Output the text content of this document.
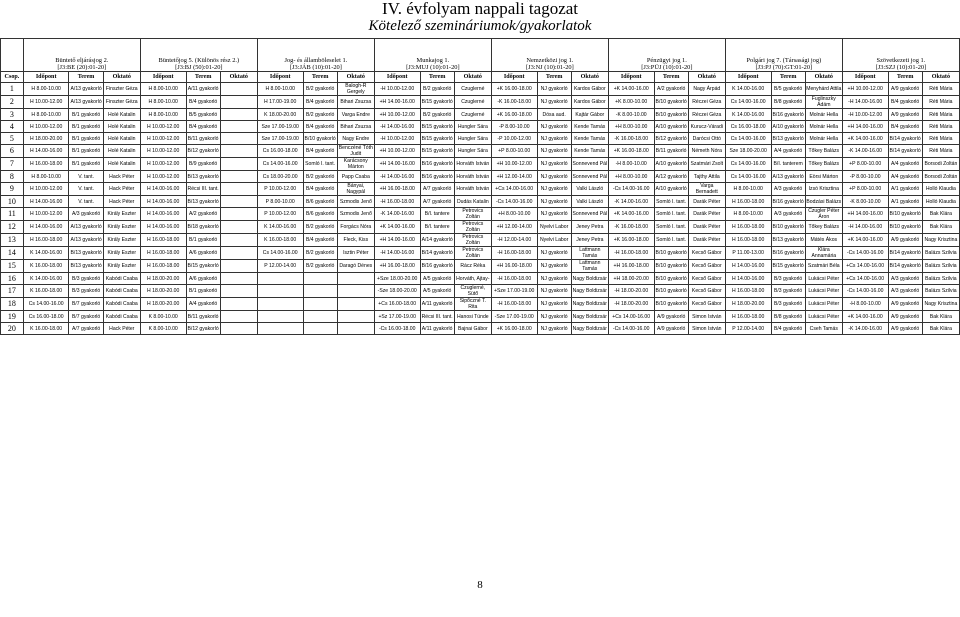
IV. évfolyam nappali tagozat
Kötelező szemináriumok/gyakorlatok
	Büntető eljárásjog 2.
[J3:BE (20):01-20]			Büntetőjog 5. (Különös rész 2.)
[J3:BJ (50):01-20]			Jog- és államböleselet 1.
[J3:JÁB (10):01-20]			Munkajog 1.
[J3:MUJ (10):01-20]			Nemzetközi jog 1.
[J3:NJ (10):01-20]			Pénzügyi jog 1.
[J3:PÜJ (10):01-20]			Polgári jog 7. (Társasági jog)
[J3:PJ (70):GT:01-20]			Szövetkezeti jog 1.
[J3:SZJ (10):01-20]		

Csop.	Időpont	Terem	Oktató	Időpont	Terem	Oktató	Időpont	Terem	Oktató	Időpont	Terem	Oktató	Időpont	Terem	Oktató	Időpont	Terem	Oktató	Időpont	Terem	Oktató	Időpont	Terem	Oktató
1	H 8.00-10.00	A/13 gyakorló	Finszter Géza	H 8.00-10.00	A/11 gyakorló		H 8.00-10.00	B/2 gyakorló	Balogh-R Gergely	-H 10.00-12.00	B/2 gyakorló	Czuglerné	+K 16.00-18.00	NJ gyakorló	Kardos Gábor	+K 14.00-16.00	A/2 gyakorló	Nagy Árpád	K 14.00-16.00	B/5 gyakorló	Menyhárd Attila	+H 10.00-12.00	A/9 gyakorló	Réti Mária

2	H 10.00-12.00	A/13 gyakorló	Finszter Géza	H 8.00-10.00	B/4 gyakorló		H 17.00-19.00	B/4 gyakorló	Bihari Zsuzsa	+H 14.00-16.00	B/15 gyakorló	Czuglerné	-K 16.00-18.00	NJ gyakorló	Kardos Gábor	+K 8.00-10.00	B/10 gyakorló	Réczei Géza	Cs 14.00-16.00	B/8 gyakorló	Fuglinszky Ádám	-H 14.00-16.00	B/4 gyakorló	Réti Mária

3	H 8.00-10.00	B/1 gyakorló	Holé Katalin	H 8.00-10.00	B/5 gyakorló		K 18.00-20.00	B/2 gyakorló	Varga Endre	+H 10.00-12.00	B/2 gyakorló	Czuglerné	+K 16.00-18.00	Dósa aud.	Kajtár Gábor	-K 8.00-10.00	B/10 gyakorló	Réczei Géza	K 14.00-16.00	B/16 gyakorló	Molnár Hella	-H 10.00-12.00	A/9 gyakorló	Réti Mária

4	H 10.00-12.00	B/1 gyakorló	Holé Katalin	H 10.00-12.00	B/4 gyakorló		Sze 17.00-19.00	B/4 gyakorló	Bihari Zsuzsa	-H 14.00-16.00	B/15 gyakorló	Hungler Sára	-P 8.00-10.00	NJ gyakorló	Kende Tamás	+H 8.00-10.00	A/10 gyakorló	Kurucz-Váradi	Cs 16.00-18.00	A/10 gyakorló	Molnár Hella	+H 14.00-16.00	B/4 gyakorló	Réti Mária

5	H 18.00-20.00	B/1 gyakorló	Holé Katalin	H 10.00-12.00	B/11 gyakorló		Sze 17.00-19.00	B/10 gyakorló	Nagy Endre	-H 10.00-12.00	B/15 gyakorló	Hungler Sára	-P 10.00-12.00	NJ gyakorló	Kende Tamás	-K 16.00-18.00	B/12 gyakorló	Darócsi Ottó	Cs 14.00-16.00	B/13 gyakorló	Molnár Hella	+K 14.00-16.00	B/14 gyakorló	Réti Mária

6	H 14.00-16.00	B/1 gyakorló	Holé Katalin	H 10.00-12.00	B/12 gyakorló		Cs 16.00-18.00	B/4 gyakorló	Benczéné Tóth Judit	+H 10.00-12.00	B/15 gyakorló	Hungler Sára	+P 8.00-10.00	NJ gyakorló	Kende Tamás	+K 16.00-18.00	B/11 gyakorló	Németh Nóra	Sze 18.00-20.00	A/4 gyakorló	Tőkey Balázs	-K 14.00-16.00	B/14 gyakorló	Réti Mária

7	H 16.00-18.00	B/1 gyakorló	Holé Katalin	H 10.00-12.00	B/9 gyakorló		Cs 14.00-16.00	Somló I. tant.	Karácsony Márton	+H 14.00-16.00	B/16 gyakorló	Horváth István	+H 10.00-12.00	NJ gyakorló	Sonnevend Pál	-H 8.00-10.00	A/10 gyakorló	Szatmári Zsolt	Cs 14.00-16.00	B/I. tanterem	Tőkey Balázs	+P 8.00-10.00	A/4 gyakorló	Borsodi Zoltán

8	H 8.00-10.00	V. tant.	Hack Péter	H 10.00-12.00	B/13 gyakorló		Cs 18.00-20.00	B/2 gyakorló	Papp Csaba	-H 14.00-16.00	B/16 gyakorló	Horváth István	+H 12.00-14.00	NJ gyakorló	Sonnevend Pál	+H 8.00-10.00	A/12 gyakorló	Tajthy Attila	Cs 14.00-16.00	A/13 gyakorló	Eörsi Márton	-P 8.00-10.00	A/4 gyakorló	Borsodi Zoltán

9	H 10.00-12.00	V. tant.	Hack Péter	H 14.00-16.00	Récsi III. tant.		P 10.00-12.00	B/4 gyakorló	Bányai, Nagypál	+H 16.00-18.00	A/7 gyakorló	Horváth István	+Cs 14.00-16.00	NJ gyakorló	Valki László	-Cs 14.00-16.00	A/10 gyakorló	Varga Bernadett	H 8.00-10.00	A/3 gyakorló	Izsó Krisztina	+P 8.00-10.00	A/1 gyakorló	Holló Klaudia

10	H 14.00-16.00	V. tant.	Hack Péter	H 14.00-16.00	B/13 gyakorló		P 8.00-10.00	B/6 gyakorló	Szmodis Jenő	-H 16.00-18.00	A/7 gyakorló	Dudás Katalin	-Cs 14.00-16.00	NJ gyakorló	Valki László	-K 14.00-16.00	Somló I. tant.	Darák Péter	H 16.00-18.00	B/16 gyakorló	Bodzási Balázs	-K 8.00-10.00	A/1 gyakorló	Holló Klaudia

11	H 10.00-12.00	A/3 gyakorló	Király Eszter	H 14.00-16.00	A/2 gyakorló		P 10.00-12.00	B/6 gyakorló	Szmodis Jenő	-K 14.00-16.00	B/I. tantere	Petrovics Zoltán	+H 8.00-10.00	NJ gyakorló	Sonnevend Pál	+K 14.00-16.00	Somló I. tant.	Darák Péter	H 8.00-10.00	A/3 gyakorló	Czugler Péter Áron	+H 14.00-16.00	B/10 gyakorló	Bak Klára

12	H 14.00-16.00	A/13 gyakorló	Király Eszter	H 14.00-16.00	B/18 gyakorló		K 14.00-16.00	B/2 gyakorló	Forgács Nóra	+K 14.00-16.00	B/I. tantere	Petrovics Zoltán	+H 12.00-14.00	Nyelvi Labor	Jeney Petra	-K 16.00-18.00	Somló I. tant.	Darák Péter	H 16.00-18.00	B/10 gyakorló	Tőkey Balázs	-H 14.00-16.00	B/10 gyakorló	Bak Klára

13	H 16.00-18.00	A/13 gyakorló	Király Eszter	H 16.00-18.00	B/1 gyakorló		K 16.00-18.00	B/4 gyakorló	Fleck, Kiss	+H 14.00-16.00	A/14 gyakorló	Petrovics Zoltán	-H 12.00-14.00	Nyelvi Labor	Jeney Petra	+K 16.00-18.00	Somló I. tant.	Darák Péter	H 16.00-18.00	B/13 gyakorló	Mátés Ákos	+K 14.00-16.00	A/9 gyakorló	Nagy Krisztina

14	K 14.00-16.00	B/13 gyakorló	Király Eszter	H 16.00-18.00	A/6 gyakorló		Cs 14.00-16.00	B/2 gyakorló	Isztin Péter	-H 14.00-16.00	B/14 gyakorló	Petrovics Zoltán	-H 16.00-18.00	NJ gyakorló	Lattmann Tamás	-H 16.00-18.00	B/10 gyakorló	Kecső Gábor	P 11.00-13.00	B/16 gyakorló	Klára Annamária	-Cs 14.00-16.00	B/14 gyakorló	Balázs Szilvia

15	K 16.00-18.00	B/13 gyakorló	Király Eszter	H 16.00-18.00	B/15 gyakorló		P 12.00-14.00	B/2 gyakorló	Daragó Dénes	+H 16.00-18.00	B/16 gyakorló	Rácz Réka	+H 16.00-18.00	NJ gyakorló	Lattmann Tamás	+H 16.00-18.00	B/10 gyakorló	Kecső Gábor	H 14.00-16.00	B/15 gyakorló	Szatmári Béla	+Cs 14.00-16.00	B/14 gyakorló	Balázs Szilvia

16	K 14.00-16.00	B/3 gyakorló	Kabódi Csaba	H 18.00-20.00	A/6 gyakorló					+Sze 18.00-20.00	A/5 gyakorló	Horváth, Ajtay-	-H 16.00-18.00	NJ gyakorló	Nagy Boldizsár	+H 18.00-20.00	B/10 gyakorló	Kecső Gábor	H 14.00-16.00	B/3 gyakorló	Lukácsi Péter	+Cs 14.00-16.00	A/3 gyakorló	Balázs Szilvia

17	K 16.00-18.00	B/3 gyakorló	Kabódi Csaba	H 18.00-20.00	B/1 gyakorló					-Sze 18.00-20.00	A/5 gyakorló	Czuglerné, Sütő	+Sze 17.00-19.00	NJ gyakorló	Nagy Boldizsár	-H 18.00-20.00	B/10 gyakorló	Kecső Gábor	H 16.00-18.00	B/3 gyakorló	Lukácsi Péter	-Cs 14.00-16.00	A/3 gyakorló	Balázs Szilvia

18	Cs 14.00-16.00	B/7 gyakorló	Kabódi Csaba	H 18.00-20.00	A/4 gyakorló					+Cs 16.00-18.00	A/11 gyakorló	Sipőczné T. Rita	-H 16.00-18.00	NJ gyakorló	Nagy Boldizsár	-H 18.00-20.00	B/10 gyakorló	Kecső Gábor	H 18.00-20.00	B/3 gyakorló	Lukácsi Péter	-H 8.00-10.00	A/9 gyakorló	Nagy Krisztina

19	Cs 16.00-18.00	B/7 gyakorló	Kabódi Csaba	K 8.00-10.00	B/11 gyakorló					+Sz 17.00-19.00	Récsi III. tant.	Hanosi Tünde	-Sze 17.00-19.00	NJ gyakorló	Nagy Boldizsár	+Cs 14.00-16.00	A/9 gyakorló	Simon István	H 16.00-18.00	B/8 gyakorló	Lukácsi Péter	+K 14.00-16.00	A/9 gyakorló	Bak Klára

20	K 16.00-18.00	A/7 gyakorló	Hack Péter	K 8.00-10.00	B/12 gyakorló					-Cs 16.00-18.00	A/11 gyakorló	Bajnai Gábor	+K 16.00-18.00	NJ gyakorló	Nagy Boldizsár	-Cs 14.00-16.00	A/9 gyakorló	Simon István	P 12.00-14.00	B/4 gyakorló	Cseh Tamás	-K 14.00-16.00	A/9 gyakorló	Bak Klára

8
